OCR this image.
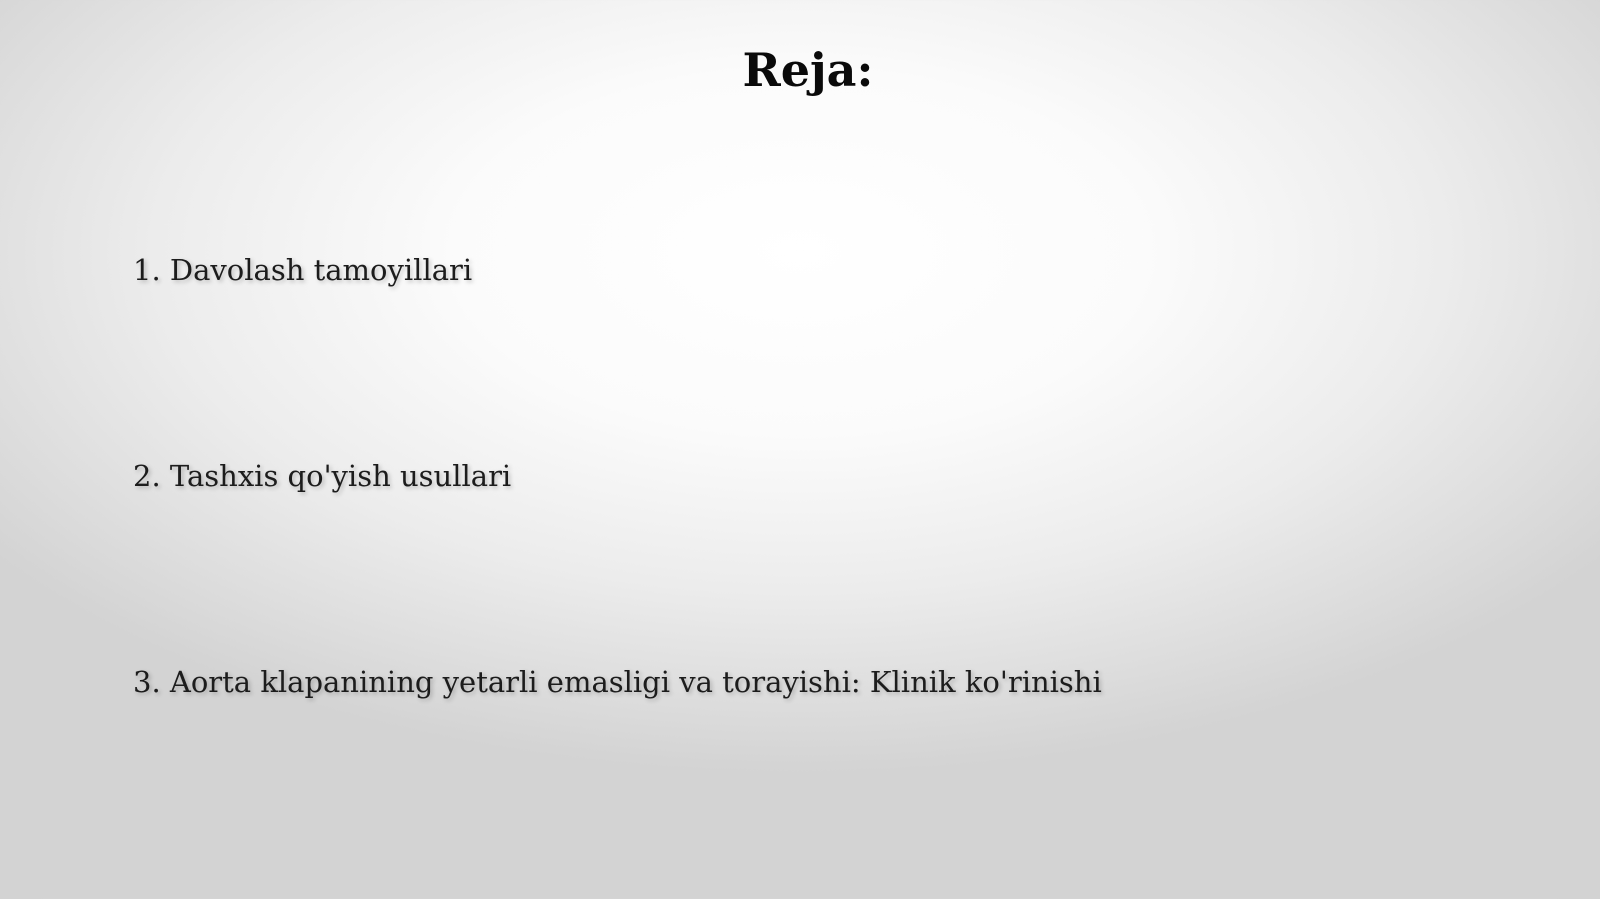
Reja:
1. Davolash tamoyillari
2. Tashxis qo'yish usullari
3. Aorta klapanining yetarli emasligi va torayishi: Klinik ko'rinishi
